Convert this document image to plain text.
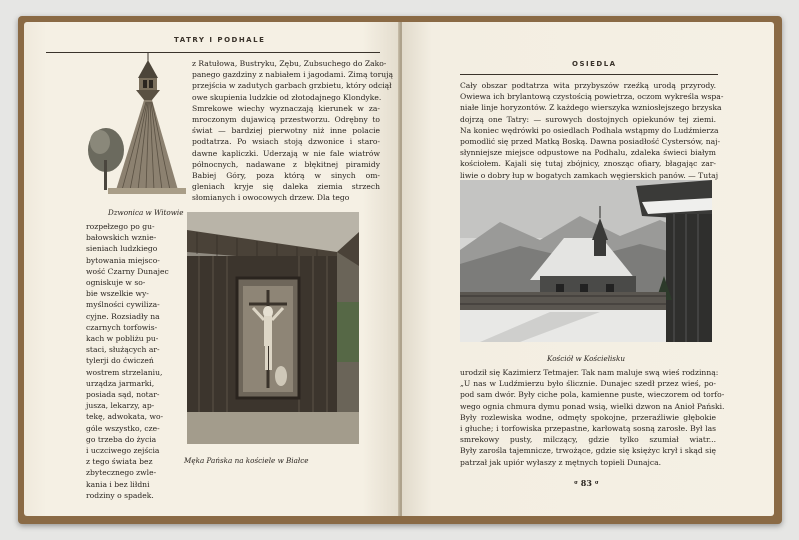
TATRY I PODHALE
z Ratułowa, Bustryku, Zębu, Zubsuchego do Zako-
panego gazdziny z nabiałem i jagodami. Zimą torują
przejścia w zadutych garbach grzbietu, który odciął
owe skupienia ludzkie od złotodajnego Klondyke.
Smrekowe wiechy wyznaczają kierunek w za-
mroczonym dujawicą przestworzu. Odrębny to
świat — bardziej pierwotny niż inne polacie
podtatrza. Po wsiach stoją dzwonice i staro-
dawne kapliczki. Uderzają w nie fale wiatrów
północnych, nadawane z błękitnej piramidy
Babiej Góry, poza którą w sinych om-
gleniach kryje się daleka ziemia strzech
słomianych i owocowych drzew. Dla tego
Dzwonica w Witowie
rozpełzego po gu-
bałowskich wznie-
sieniach ludzkiego
bytowania miejsco-
wość Czarny Dunajec
ogniskuje w so-
bie wszelkie wy-
myślności cywiliza-
cyjne. Rozsiadły na
czarnych torfowis-
kach w pobliżu pu-
staci, służących ar-
tylerji do ćwiczeń
wostrem strzelaniu,
urządza jarmarki,
posiada sąd, notar-
jusza, lekarzy, ap-
tekę, adwokata, wo-
góle wszystko, cze-
go trzeba do życia
i uczciwego zejścia
z tego świata bez
zbytecznego zwle-
kania i bez liłdni
rodziny o spadek.
Męka Pańska na kościele w Białce
OSIEDLA
Cały obszar podtatrza wita przybyszów rzeźką urodą przyrody.
Owiewa ich brylantową czystością powietrza, oczom wykreśla wspa-
niałe linje horyzontów. Z każdego wierszyka wzniosłejszego brzyska
dojrzą one Tatry: — surowych dostojnych opiekunów tej ziemi.
Na koniec wędrówki po osiedlach Podhala wstąpmy do Ludźmierza
pomodlić się przed Matką Boską. Dawna posiadłość Cystersów, naj-
słynniejsze miejsce odpustowe na Podhalu, zdaleka świeci białym
kościołem. Kajali się tutaj zbójnicy, znosząc ofiary, błagając zar-
liwie o dobry łup w bogatych zamkach węgierskich panów. — Tutaj
Kościół w Kościelisku
urodził się Kazimierz Tetmajer. Tak nam maluje swą wieś rodzinną:
„U nas w Ludźmierzu było ślicznie. Dunajec szedł przez wieś, po-
pod sam dwór. Były ciche pola, kamienne puste, wieczorem od torfo-
wego ognia chmura dymu ponad wsią, wielki dzwon na Anioł Pański.
Były rozlewiska wodne, odmęty spokojne, przeraźliwie głębokie
i głuche; i torfowiska przepastne, karłowatą sosną zarosłe. Był las
smrekowy pusty, milczący, gdzie tylko szumiał wiatr...
Były zarośla tajemnicze, trwożące, gdzie się księżyc krył i skąd się
patrzał jak upiór wyłaszy z mętnych topieli Dunajca.
ᵍ 83 ᵍ
